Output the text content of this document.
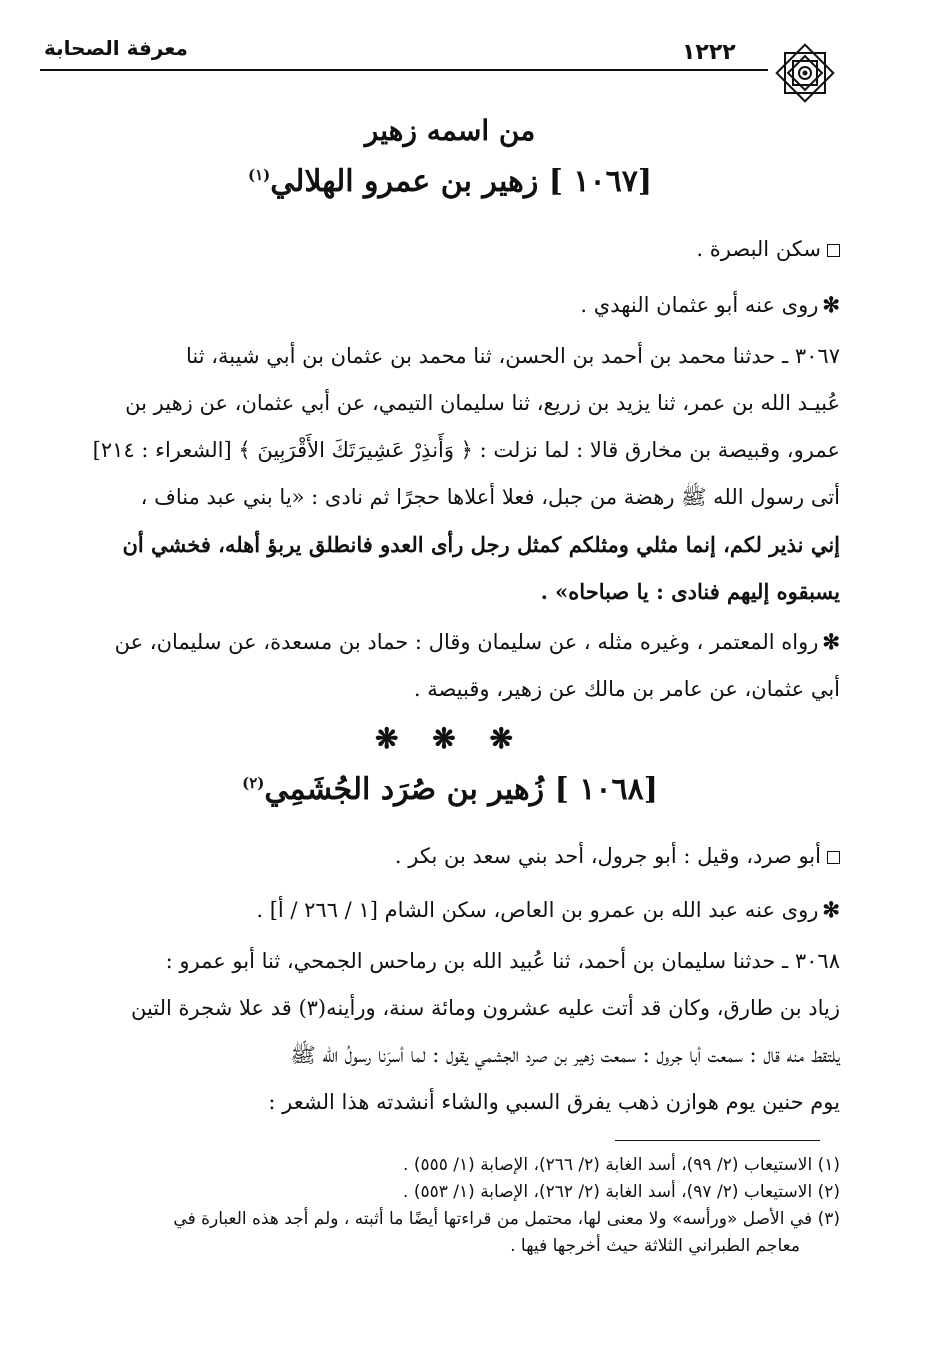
معرفة الصحابة	١٢٢٢
من اسمه زهير
[١٠٦٧ ] زهير بن عمرو الهلالي$^{(١)}$
سكن البصرة .
✻روى عنه أبو عثمان النهدي .
٣٠٦٧ ـ حدثنا محمد بن أحمد بن الحسن، ثنا محمد بن عثمان بن أبي شيبة، ثنا
عُبيـد الله بن عمر، ثنا يزيد بن زريع، ثنا سليمان التيمي، عن أبي عثمان، عن زهير بن
عمرو، وقبيصة بن مخارق قالا : لما نزلت : ﴿ وَأَنذِرْ عَشِيرَتَكَ الأَقْرَبِينَ ﴾ [الشعراء : ٢١٤]
أتى رسول الله ﷺ رهضة من جبل، فعلا أعلاها حجرًا ثم نادى : «يا بني عبد مناف ،
إني نذير لكم، إنما مثلي ومثلكم كمثل رجل رأى العدو فانطلق يربؤ أهله، فخشي أن
يسبقوه إليهم فنادى : يا صباحاه» .
✻رواه المعتمر ، وغيره مثله ، عن سليمان وقال : حماد بن مسعدة، عن سليمان، عن
أبي عثمان، عن عامر بن مالك عن زهير، وقبيصة .
❋ ❋ ❋
[١٠٦٨ ] زُهير بن صُرَد الجُشَمِي$^{(٢)}$
أبو صرد، وقيل : أبو جرول، أحد بني سعد بن بكر .
✻روى عنه عبد الله بن عمرو بن العاص، سكن الشام [١ / ٢٦٦ / أ] .
٣٠٦٨ ـ حدثنا سليمان بن أحمد، ثنا عُبيد الله بن رماحس الجمحي، ثنا أبو عمرو :
زياد بن طارق، وكان قد أتت عليه عشرون ومائة سنة، ورأينه(٣) قد علا شجرة التين
يلتقط منه قال : سمعت أبا جرول : سمعت زهير بن صرد الجشمي يقول : لما أسرَنا رسولُ الله ﷺ
يوم حنين يوم هوازن ذهب يفرق السبي والشاء أنشدته هذا الشعر :
(١) الاستيعاب (٢/ ٩٩)، أسد الغابة (٢/ ٢٦٦)، الإصابة (١/ ٥٥٥) .
(٢) الاستيعاب (٢/ ٩٧)، أسد الغابة (٢/ ٢٦٢)، الإصابة (١/ ٥٥٣) .
(٣) في الأصل «ورأسه» ولا معنى لها، محتمل من قراءتها أيضًا ما أثبته ، ولم أجد هذه العبارة في
معاجم الطبراني الثلاثة حيث أخرجها فيها .
